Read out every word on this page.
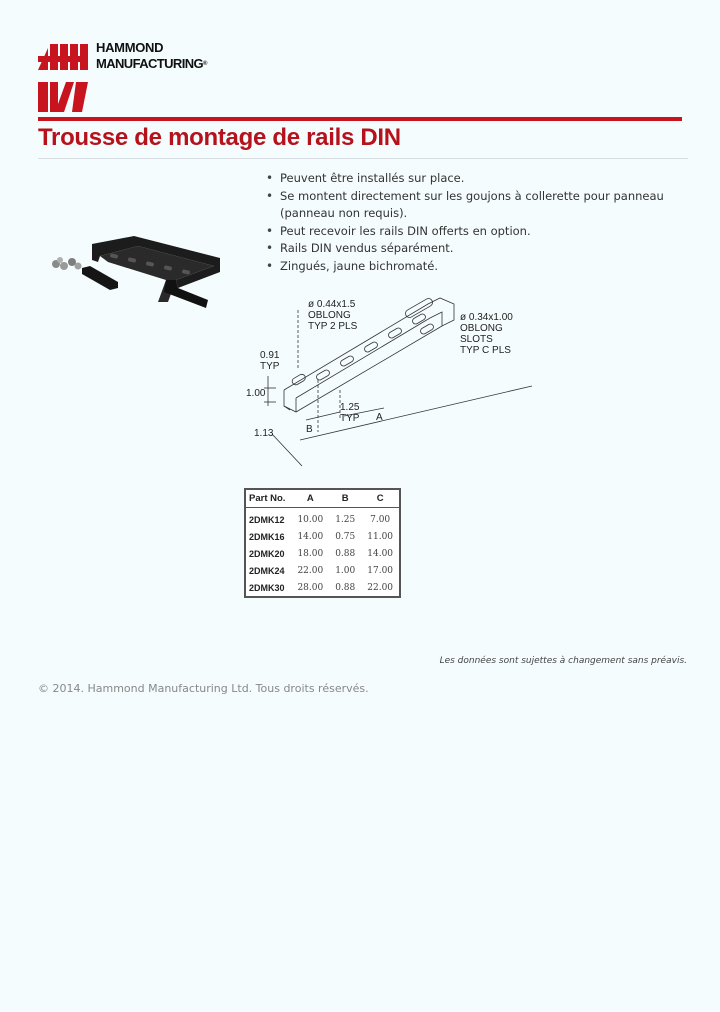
HAMMOND
MANUFACTURING®
Trousse de montage de rails DIN
• Peuvent être installés sur place.
• Se montent directement sur les goujons à collerette pour panneau
(panneau non requis).
• Peut recevoir les rails DIN offerts en option.
• Rails DIN vendus séparément.
• Zingués, jaune bichromaté.
ø 0.44x1.5
OBLONG
TYP 2 PLS
ø 0.34x1.00
OBLONG
SLOTS
TYP C PLS
0.91
TYP
1.00
1.25
TYP
1.13	B
A
Part No.	A	B	C
2DMK12	10.00	1.25	7.00
2DMK16	14.00	0.75	11.00
2DMK20	18.00	0.88	14.00
2DMK24	22.00	1.00	17.00
2DMK30	28.00	0.88	22.00
Les données sont sujettes à changement sans préavis.
© 2014. Hammond Manufacturing Ltd. Tous droits réservés.
